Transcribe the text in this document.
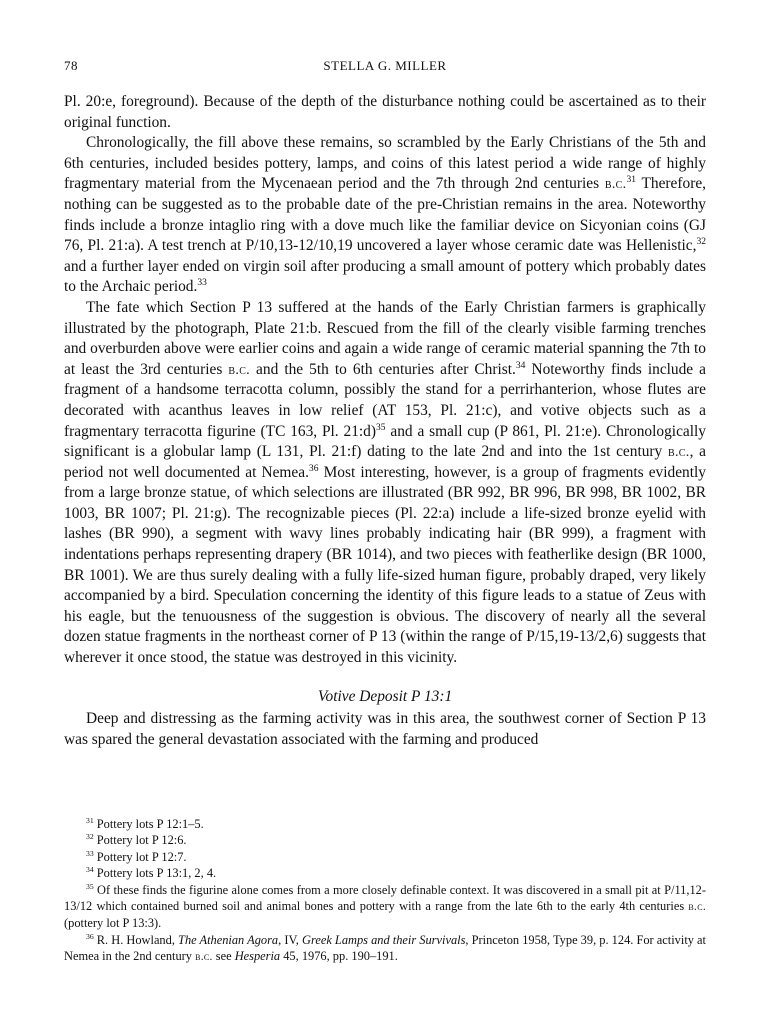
78	STELLA G. MILLER

Pl. 20:e, foreground). Because of the depth of the disturbance nothing could be ascertained as to their original function.

Chronologically, the fill above these remains, so scrambled by the Early Christians of the 5th and 6th centuries, included besides pottery, lamps, and coins of this latest period a wide range of highly fragmentary material from the Mycenaean period and the 7th through 2nd centuries b.c.$^{31}$ Therefore, nothing can be suggested as to the probable date of the pre-Christian remains in the area. Noteworthy finds include a bronze intaglio ring with a dove much like the familiar device on Sicyonian coins (GJ 76, Pl. 21:a). A test trench at P/10,13-12/10,19 uncovered a layer whose ceramic date was Hellenistic,$^{32}$ and a further layer ended on virgin soil after producing a small amount of pottery which probably dates to the Archaic period.$^{33}$

The fate which Section P 13 suffered at the hands of the Early Christian farmers is graphically illustrated by the photograph, Plate 21:b. Rescued from the fill of the clearly visible farming trenches and overburden above were earlier coins and again a wide range of ceramic material spanning the 7th to at least the 3rd centuries b.c. and the 5th to 6th centuries after Christ.$^{34}$ Noteworthy finds include a fragment of a handsome terracotta column, possibly the stand for a perrirhanterion, whose flutes are decorated with acanthus leaves in low relief (AT 153, Pl. 21:c), and votive objects such as a fragmentary terracotta figurine (TC 163, Pl. 21:d)$^{35}$ and a small cup (P 861, Pl. 21:e). Chronologically significant is a globular lamp (L 131, Pl. 21:f) dating to the late 2nd and into the 1st century b.c., a period not well documented at Nemea.$^{36}$ Most interesting, however, is a group of fragments evidently from a large bronze statue, of which selections are illustrated (BR 992, BR 996, BR 998, BR 1002, BR 1003, BR 1007; Pl. 21:g). The recognizable pieces (Pl. 22:a) include a life-sized bronze eyelid with lashes (BR 990), a segment with wavy lines probably indicating hair (BR 999), a fragment with indentations perhaps representing drapery (BR 1014), and two pieces with featherlike design (BR 1000, BR 1001). We are thus surely dealing with a fully life-sized human figure, probably draped, very likely accompanied by a bird. Speculation concerning the identity of this figure leads to a statue of Zeus with his eagle, but the tenuousness of the suggestion is obvious. The discovery of nearly all the several dozen statue fragments in the northeast corner of P 13 (within the range of P/15,19-13/2,6) suggests that wherever it once stood, the statue was destroyed in this vicinity.

Votive Deposit P 13:1

Deep and distressing as the farming activity was in this area, the southwest corner of Section P 13 was spared the general devastation associated with the farming and produced

$^{31}$ Pottery lots P 12:1–5.

$^{32}$ Pottery lot P 12:6.

$^{33}$ Pottery lot P 12:7.

$^{34}$ Pottery lots P 13:1, 2, 4.

$^{35}$ Of these finds the figurine alone comes from a more closely definable context. It was discovered in a small pit at P/11,12-13/12 which contained burned soil and animal bones and pottery with a range from the late 6th to the early 4th centuries b.c. (pottery lot P 13:3).

$^{36}$ R. H. Howland, The Athenian Agora, IV, Greek Lamps and their Survivals, Princeton 1958, Type 39, p. 124. For activity at Nemea in the 2nd century b.c. see Hesperia 45, 1976, pp. 190–191.
